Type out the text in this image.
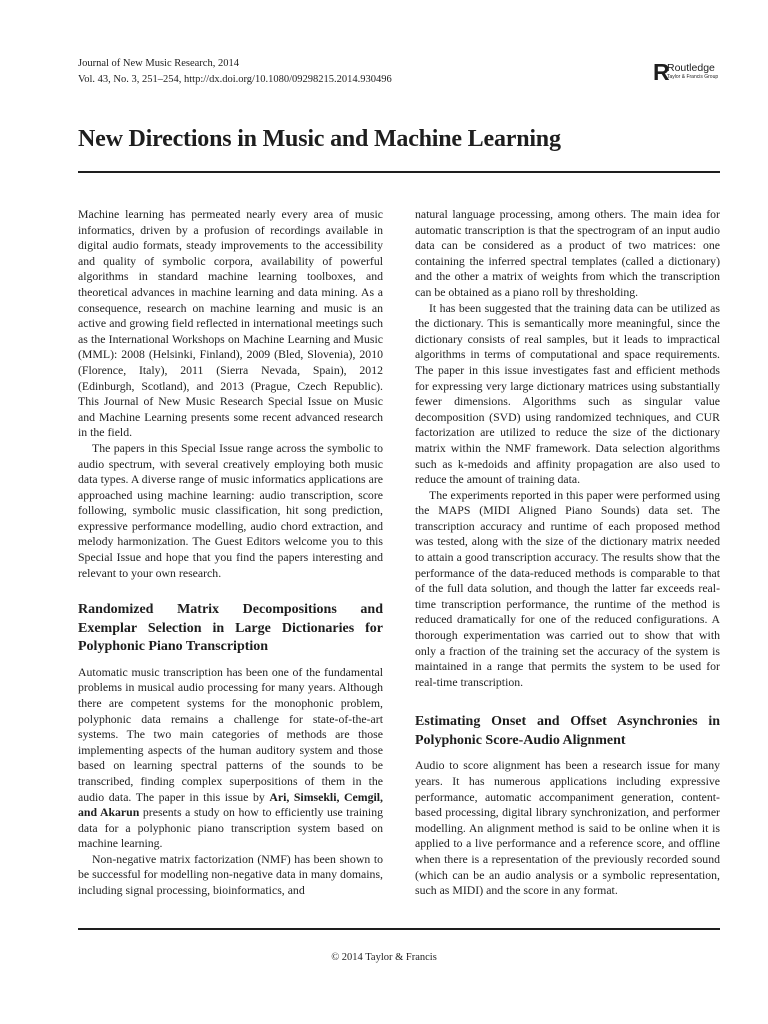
Journal of New Music Research, 2014
Vol. 43, No. 3, 251–254, http://dx.doi.org/10.1080/09298215.2014.930496	R
Routledge
Taylor & Francis Group
New Directions in Music and Machine Learning

Machine learning has permeated nearly every area of music informatics, driven by a profusion of recordings available in digital audio formats, steady improvements to the accessibility and quality of symbolic corpora, availability of powerful algorithms in standard machine learning toolboxes, and theoretical advances in machine learning and data mining. As a consequence, research on machine learning and music is an active and growing field reflected in international meetings such as the International Workshops on Machine Learning and Music (MML): 2008 (Helsinki, Finland), 2009 (Bled, Slovenia), 2010 (Florence, Italy), 2011 (Sierra Nevada, Spain), 2012 (Edinburgh, Scotland), and 2013 (Prague, Czech Republic). This Journal of New Music Research Special Issue on Music and Machine Learning presents some recent advanced research in the field.

The papers in this Special Issue range across the symbolic to audio spectrum, with several creatively employing both music data types. A diverse range of music informatics applications are approached using machine learning: audio transcription, score following, symbolic music classification, hit song prediction, expressive performance modelling, audio chord extraction, and melody harmonization. The Guest Editors welcome you to this Special Issue and hope that you find the papers interesting and relevant to your own research.

Randomized Matrix Decompositions and Exemplar Selection in Large Dictionaries for Polyphonic Piano Transcription

Automatic music transcription has been one of the fundamental problems in musical audio processing for many years. Although there are competent systems for the monophonic problem, polyphonic data remains a challenge for state-of-the-art systems. The two main categories of methods are those implementing aspects of the human auditory system and those based on learning spectral patterns of the sounds to be transcribed, finding complex superpositions of them in the audio data. The paper in this issue by Ari, Simsekli, Cemgil, and Akarun presents a study on how to efficiently use training data for a polyphonic piano transcription system based on machine learning.

Non-negative matrix factorization (NMF) has been shown to be successful for modelling non-negative data in many domains, including signal processing, bioinformatics, and

natural language processing, among others. The main idea for automatic transcription is that the spectrogram of an input audio data can be considered as a product of two matrices: one containing the inferred spectral templates (called a dictionary) and the other a matrix of weights from which the transcription can be obtained as a piano roll by thresholding.

It has been suggested that the training data can be utilized as the dictionary. This is semantically more meaningful, since the dictionary consists of real samples, but it leads to impractical algorithms in terms of computational and space requirements. The paper in this issue investigates fast and efficient methods for expressing very large dictionary matrices using substantially fewer dimensions. Algorithms such as singular value decomposition (SVD) using randomized techniques, and CUR factorization are utilized to reduce the size of the dictionary matrix within the NMF framework. Data selection algorithms such as k-medoids and affinity propagation are also used to reduce the amount of training data.

The experiments reported in this paper were performed using the MAPS (MIDI Aligned Piano Sounds) data set. The transcription accuracy and runtime of each proposed method was tested, along with the size of the dictionary matrix needed to attain a good transcription accuracy. The results show that the performance of the data-reduced methods is comparable to that of the full data solution, and though the latter far exceeds real-time transcription performance, the runtime of the method is reduced dramatically for one of the reduced configurations. A thorough experimentation was carried out to show that with only a fraction of the training set the accuracy of the system is maintained in a range that permits the system to be used for real-time transcription.

Estimating Onset and Offset Asynchronies in Polyphonic Score-Audio Alignment

Audio to score alignment has been a research issue for many years. It has numerous applications including expressive performance, automatic accompaniment generation, content-based processing, digital library synchronization, and performer modelling. An alignment method is said to be online when it is applied to a live performance and a reference score, and offline when there is a representation of the previously recorded sound (which can be an audio analysis or a symbolic representation, such as MIDI) and the score in any format.

© 2014 Taylor & Francis
